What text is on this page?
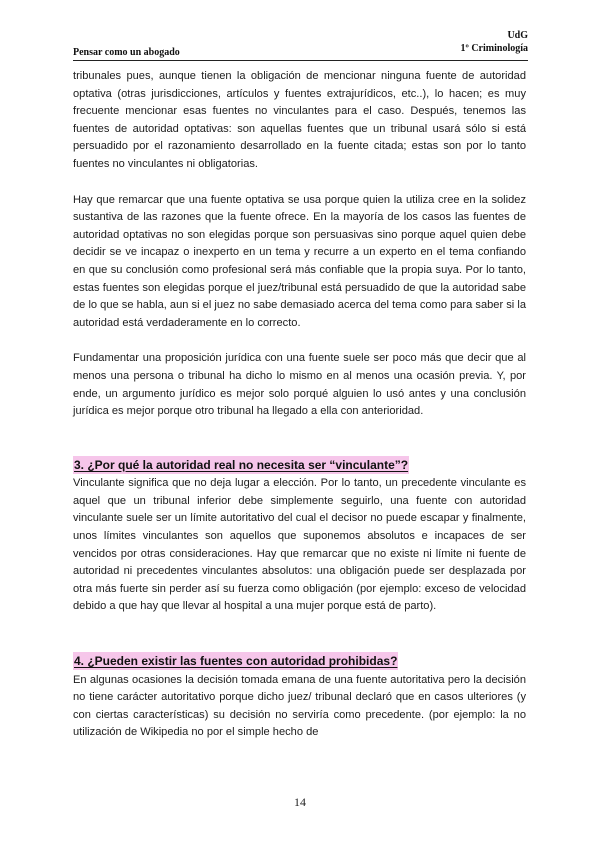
UdG
1º Criminología
Pensar como un abogado

tribunales pues, aunque tienen la obligación de mencionar ninguna fuente de autoridad optativa (otras jurisdicciones, artículos y fuentes extrajurídicos, etc..), lo hacen; es muy frecuente mencionar esas fuentes no vinculantes para el caso. Después, tenemos las fuentes de autoridad optativas: son aquellas fuentes que un tribunal usará sólo si está persuadido por el razonamiento desarrollado en la fuente citada; estas son por lo tanto fuentes no vinculantes ni obligatorias.

Hay que remarcar que una fuente optativa se usa porque quien la utiliza cree en la solidez sustantiva de las razones que la fuente ofrece. En la mayoría de los casos las fuentes de autoridad optativas no son elegidas porque son persuasivas sino porque aquel quien debe decidir se ve incapaz o inexperto en un tema y recurre a un experto en el tema confiando en que su conclusión como profesional será más confiable que la propia suya. Por lo tanto, estas fuentes son elegidas porque el juez/tribunal está persuadido de que la autoridad sabe de lo que se habla, aun si el juez no sabe demasiado acerca del tema como para saber si la autoridad está verdaderamente en lo correcto.

Fundamentar una proposición jurídica con una fuente suele ser poco más que decir que al menos una persona o tribunal ha dicho lo mismo en al menos una ocasión previa. Y, por ende, un argumento jurídico es mejor solo porqué alguien lo usó antes y una conclusión jurídica es mejor porque otro tribunal ha llegado a ella con anterioridad.

3. ¿Por qué la autoridad real no necesita ser “vinculante”?

Vinculante significa que no deja lugar a elección. Por lo tanto, un precedente vinculante es aquel que un tribunal inferior debe simplemente seguirlo, una fuente con autoridad vinculante suele ser un límite autoritativo del cual el decisor no puede escapar y finalmente, unos límites vinculantes son aquellos que suponemos absolutos e incapaces de ser vencidos por otras consideraciones. Hay que remarcar que no existe ni límite ni fuente de autoridad ni precedentes vinculantes absolutos: una obligación puede ser desplazada por otra más fuerte sin perder así su fuerza como obligación (por ejemplo: exceso de velocidad debido a que hay que llevar al hospital a una mujer porque está de parto).

4. ¿Pueden existir las fuentes con autoridad prohibidas?

En algunas ocasiones la decisión tomada emana de una fuente autoritativa pero la decisión no tiene carácter autoritativo porque dicho juez/ tribunal declaró que en casos ulteriores (y con ciertas características) su decisión no serviría como precedente. (por ejemplo: la no utilización de Wikipedia no por el simple hecho de

14
